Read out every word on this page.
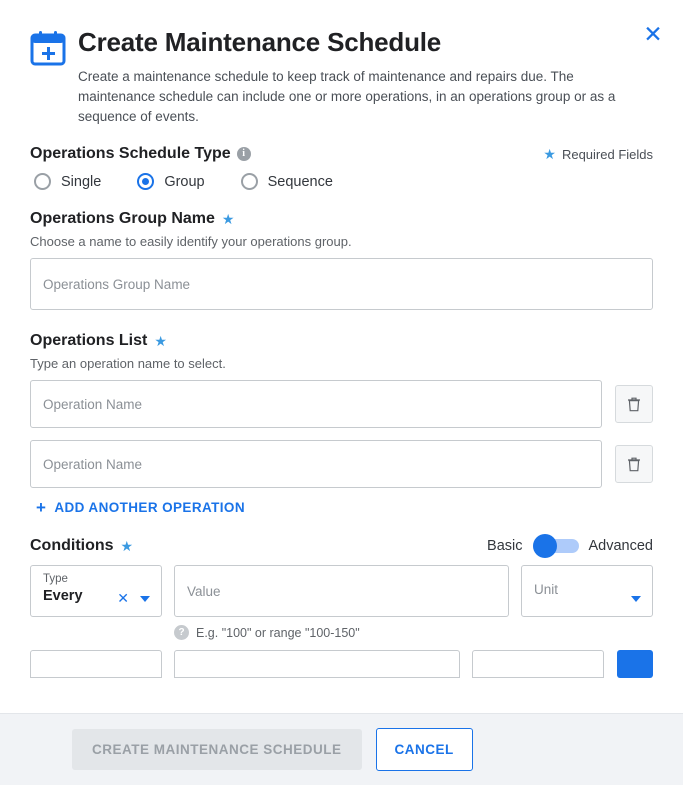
✕
Create Maintenance Schedule
Create a maintenance schedule to keep track of maintenance and repairs due. The maintenance schedule can include one or more operations, in an operations group or as a sequence of events.
Operations Schedule Type	i	★ Required Fields
Single	Group	Sequence
Operations Group Name ★

Choose a name to easily identify your operations group.

Operations Group Name
Operations List ★

Type an operation name to select.

Operation Name
Operation Name
+ ADD ANOTHER OPERATION
Conditions ★	Basic	Advanced
Type
Every	✕
Value
? E.g. "100" or range "100-150"
Unit
CREATE MAINTENANCE SCHEDULE	CANCEL
